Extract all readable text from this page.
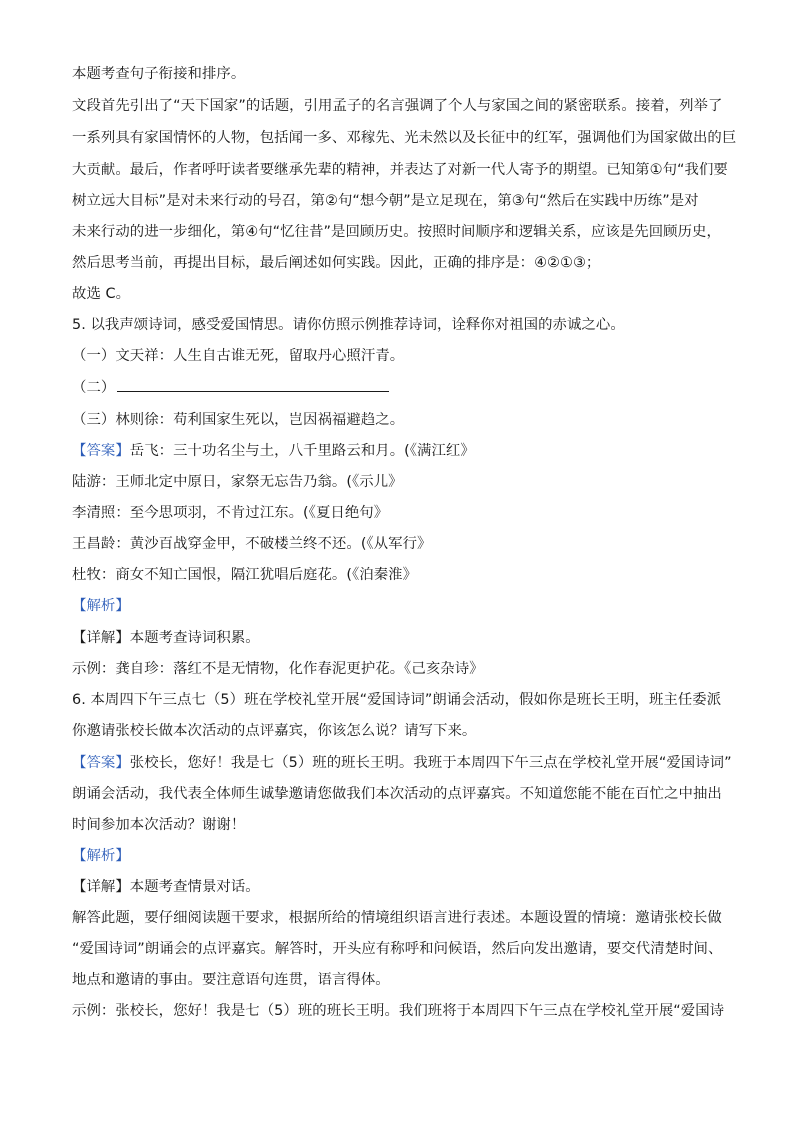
本题考查句子衔接和排序。
文段首先引出了“天下国家”的话题，引用孟子的名言强调了个人与家国之间的紧密联系。接着，列举了
一系列具有家国情怀的人物，包括闻一多、邓稼先、光未然以及长征中的红军，强调他们为国家做出的巨
大贡献。最后，作者呼吁读者要继承先辈的精神，并表达了对新一代人寄予的期望。已知第①句“我们要
树立远大目标”是对未来行动的号召，第②句“想今朝”是立足现在，第③句“然后在实践中历练”是对
未来行动的进一步细化，第④句“忆往昔”是回顾历史。按照时间顺序和逻辑关系，应该是先回顾历史，
然后思考当前，再提出目标，最后阐述如何实践。因此，正确的排序是：④②①③；
故选 C。
5. 以我声颂诗词，感受爱国情思。请你仿照示例推荐诗词，诠释你对祖国的赤诚之心。
（一）文天祥：人生自古谁无死，留取丹心照汗青。
（二）
（三）林则徐：苟利国家生死以，岂因祸福避趋之。
【答案】岳飞：三十功名尘与土，八千里路云和月。(《满江红》
陆游：王师北定中原日，家祭无忘告乃翁。(《示儿》
李清照：至今思项羽，不肯过江东。(《夏日绝句》
王昌龄：黄沙百战穿金甲，不破楼兰终不还。(《从军行》
杜牧：商女不知亡国恨，隔江犹唱后庭花。(《泊秦淮》
【解析】
【详解】本题考查诗词积累。
示例：龚自珍：落红不是无情物，化作春泥更护花。《己亥杂诗》
6. 本周四下午三点七（5）班在学校礼堂开展“爱国诗词”朗诵会活动，假如你是班长王明，班主任委派
你邀请张校长做本次活动的点评嘉宾，你该怎么说？请写下来。
【答案】张校长，您好！我是七（5）班的班长王明。我班于本周四下午三点在学校礼堂开展“爱国诗词”
朗诵会活动，我代表全体师生诚挚邀请您做我们本次活动的点评嘉宾。不知道您能不能在百忙之中抽出
时间参加本次活动？谢谢！
【解析】
【详解】本题考查情景对话。
解答此题，要仔细阅读题干要求，根据所给的情境组织语言进行表述。本题设置的情境：邀请张校长做
“爱国诗词”朗诵会的点评嘉宾。解答时，开头应有称呼和问候语，然后向发出邀请，要交代清楚时间、
地点和邀请的事由。要注意语句连贯，语言得体。
示例：张校长，您好！我是七（5）班的班长王明。我们班将于本周四下午三点在学校礼堂开展“爱国诗
